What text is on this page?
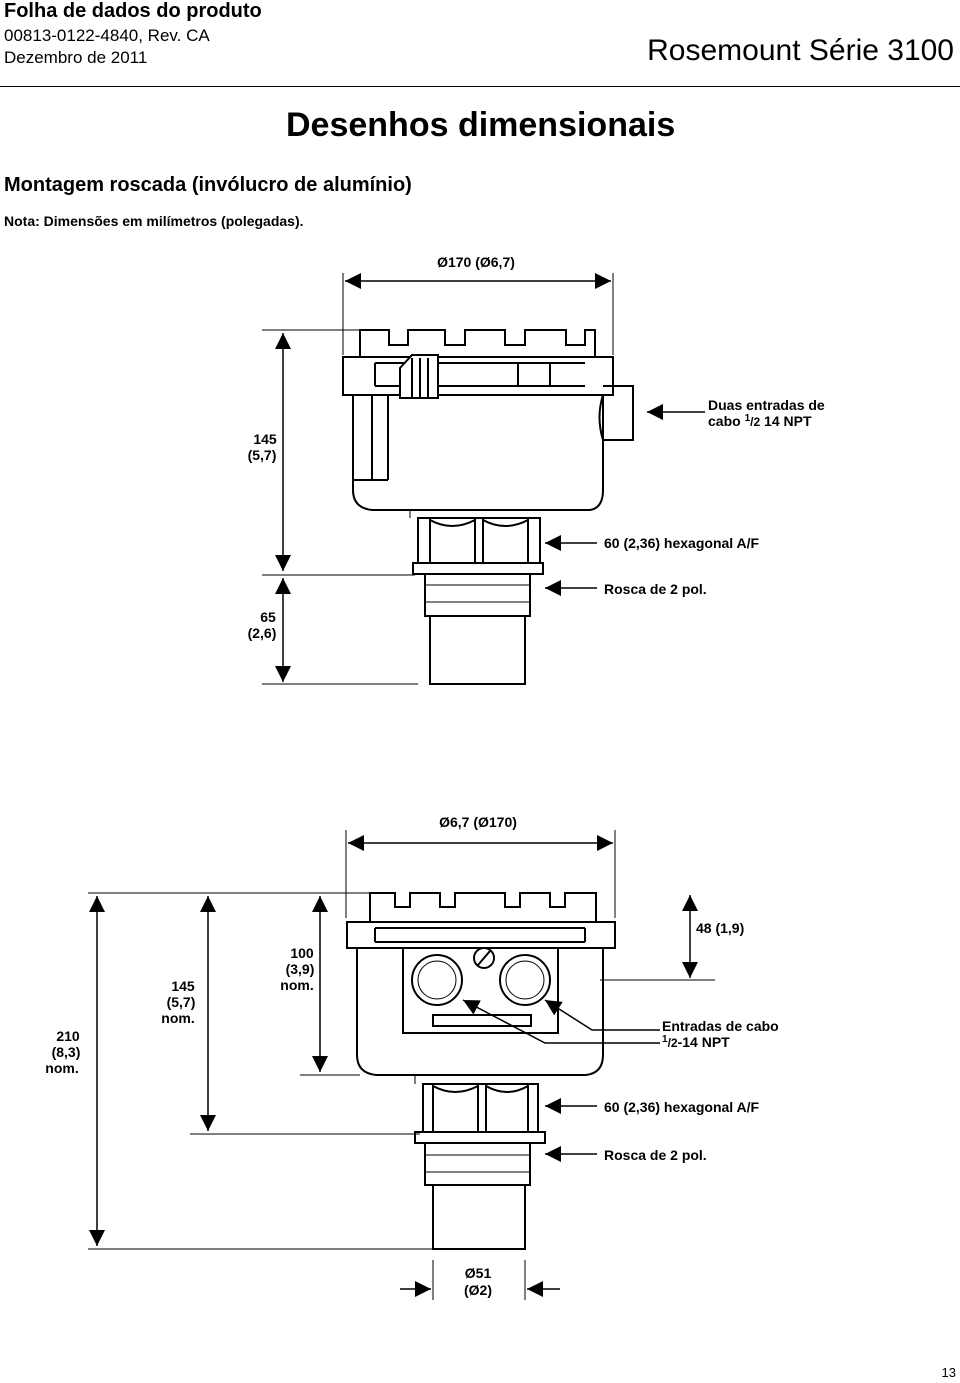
Folha de dados do produto
00813-0122-4840, Rev. CA
Dezembro de 2011	Rosemount Série 3100
Desenhos dimensionais
Montagem roscada (invólucro de alumínio)
Nota: Dimensões em milímetros (polegadas).
Ø170 (Ø6,7)
145
(5,7)
Duas entradas de
cabo $^1$/2 14 NPT
60 (2,36) hexagonal A/F
Rosca de 2 pol.
65
(2,6)
Ø6,7 (Ø170)
210
(8,3)
nom.
145
(5,7)
nom.
100
(3,9)
nom.
48 (1,9)
Entradas de cabo
$^1$/2-14 NPT
60 (2,36) hexagonal A/F
Rosca de 2 pol.
Ø51
(Ø2)
13
